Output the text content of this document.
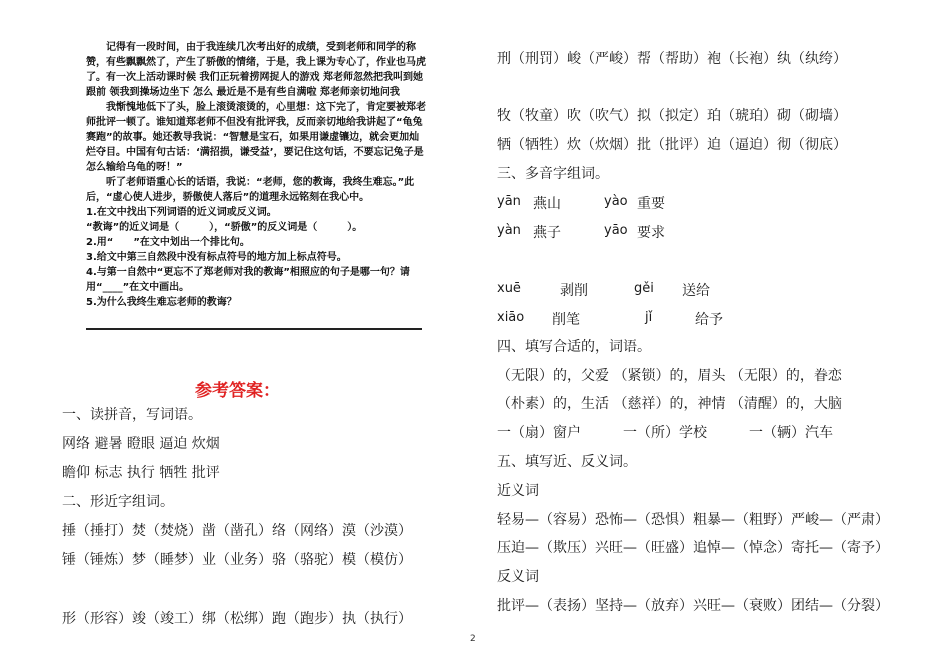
记得有一段时间，由于我连续几次考出好的成绩，受到老师和同学的称赞，有些飘飘然了，产生了骄傲的情绪，于是，我上课为专心了，作业也马虎了。有一次上活动课时候 我们正玩着捞网捉人的游戏 郑老师忽然把我叫到她跟前 领我到操场边坐下 怎么 最近是不是有些自满啦 郑老师亲切地问我

我惭愧地低下了头，脸上滚烫滚烫的，心里想：这下完了，肯定要被郑老师批评一顿了。谁知道郑老师不但没有批评我，反而亲切地给我讲起了“龟兔赛跑”的故事。她还教导我说：“智慧是宝石，如果用谦虚镶边，就会更加灿烂夺目。中国有句古话：‘满招损，谦受益’，要记住这句话，不要忘记兔子是怎么输给乌龟的呀！”

听了老师语重心长的话语，我说：“老师，您的教诲，我终生难忘。”此后，“虚心使人进步，骄傲使人落后”的道理永远铭刻在我心中。

1.在文中找出下列词语的近义词或反义词。

“教诲”的近义词是（　　　），“骄傲”的反义词是（　　　）。

2.用“　　”在文中划出一个排比句。

3.给文中第三自然段中没有标点符号的地方加上标点符号。

4.与第一自然中“更忘不了郑老师对我的教诲”相照应的句子是哪一句？请用“____”在文中画出。

5.为什么我终生难忘老师的教诲？

参考答案：
一、读拼音，写词语。
网络 避暑 瞪眼 逼迫 炊烟
瞻仰 标志 执行 牺牲 批评
二、形近字组词。
捶（捶打）焚（焚烧）凿（凿孔）络（网络）漠（沙漠）
锤（锤炼）梦（睡梦）业（业务）骆（骆驼）模（模仿）
形（形容）竣（竣工）绑（松绑）跑（跑步）执（执行）
刑（刑罚）峻（严峻）帮（帮助）袍（长袍）纨（纨绔）
牧（牧童）吹（吹气）拟（拟定）珀（琥珀）砌（砌墙）
牺（牺牲）炊（炊烟）批（批评）迫（逼迫）彻（彻底）
三、多音字组词。
yān 燕山	yào 重要
yàn 燕子	yāo 要求
xuē	剥削	gěi 送给
xiāo 削笔	jǐ	给予
四、填写合适的，词语。
（无限）的，父爱 （紧锁）的，眉头 （无限）的，眷恋
（朴素）的，生活 （慈祥）的，神情 （清醒）的，大脑
一（扇）窗户　　　一（所）学校　　　一（辆）汽车
五、填写近、反义词。
近义词
轻易—（容易）恐怖—（恐惧）粗暴—（粗野）严峻—（严肃）
压迫—（欺压）兴旺—（旺盛）追悼—（悼念）寄托—（寄予）
反义词
批评—（表扬）坚持—（放弃）兴旺—（衰败）团结—（分裂）
2
